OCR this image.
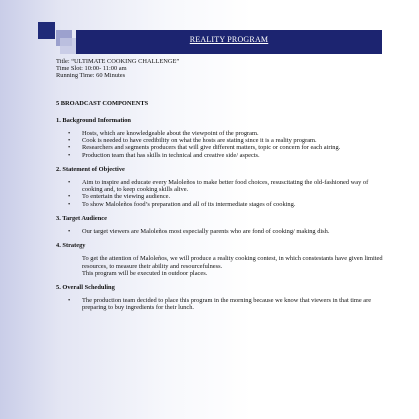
REALITY PROGRAM
Title: “ULTIMATE COOKING CHALLENGE”
Time Slot: 10:00- 11:00 am
Running Time: 60 Minutes
5 BROADCAST COMPONENTS
1. Background Information
• Hosts, which are knowledgeable about the viewpoint of the program.
• Cook is needed to have credibility on what the hosts are stating since it is a reality program.
• Researchers and segments producers that will give different matters, topic or concern for each airing.
• Production team that has skills in technical and creative side/ aspects.
2. Statement of Objective
• Aim to inspire and educate every Maloleños to make better food choices, resuscitating the old-fashioned way of cooking and, to keep cooking skills alive.
• To entertain the viewing audience.
• To show Maloleños food’s preparation and all of its intermediate stages of cooking.
3. Target Audience
• Our target viewers are Maloleños most especially parents who are fond of cooking/ making dish.
4. Strategy
To get the attention of Maloleños, we will produce a reality cooking contest, in which constestants have given limited resources, to measure their ability and resourcefulness.
This program will be executed in outdoor places.
5. Overall Scheduling
• The production team decided to place this program in the morning because we know that viewers in that time are preparing to buy ingredients for their lunch.
